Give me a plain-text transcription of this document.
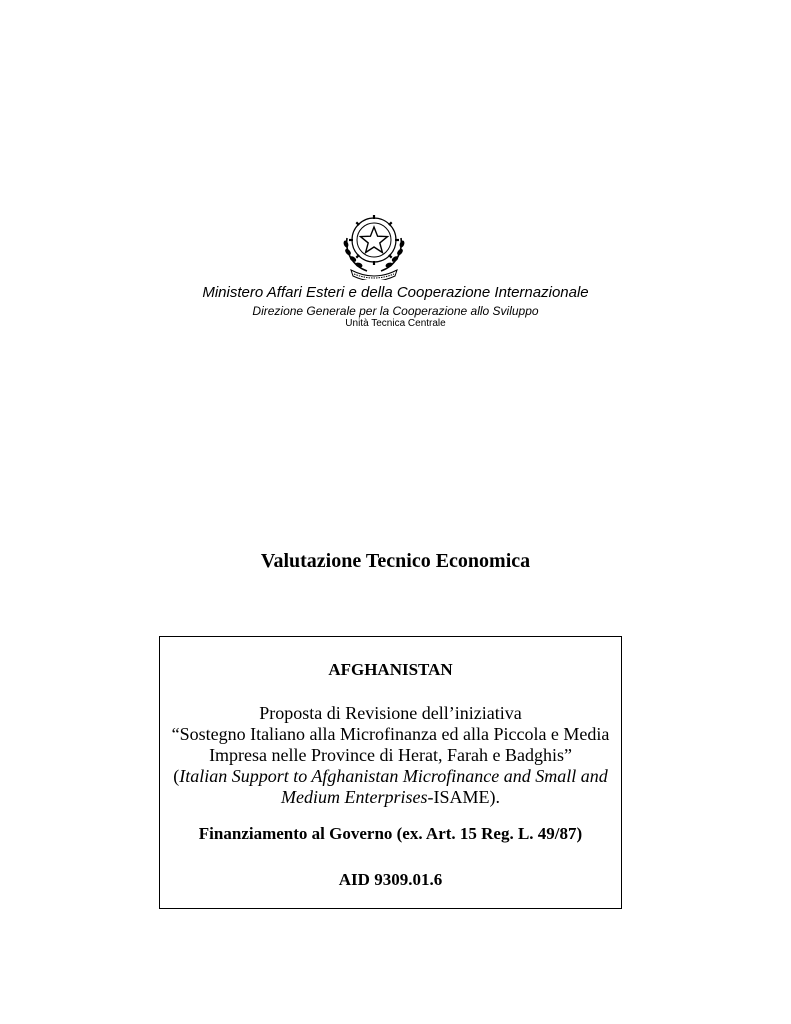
Ministero Affari Esteri e della Cooperazione Internazionale
Direzione Generale per la Cooperazione allo Sviluppo
Unità Tecnica Centrale
Valutazione Tecnico Economica
AFGHANISTAN
Proposta di Revisione dell’iniziativa
“Sostegno Italiano alla Microfinanza ed alla Piccola e Media
Impresa nelle Province di Herat, Farah e Badghis”
(Italian Support to Afghanistan Microfinance and Small and
Medium Enterprises-ISAME).
Finanziamento al Governo (ex. Art. 15 Reg. L. 49/87)
AID 9309.01.6
